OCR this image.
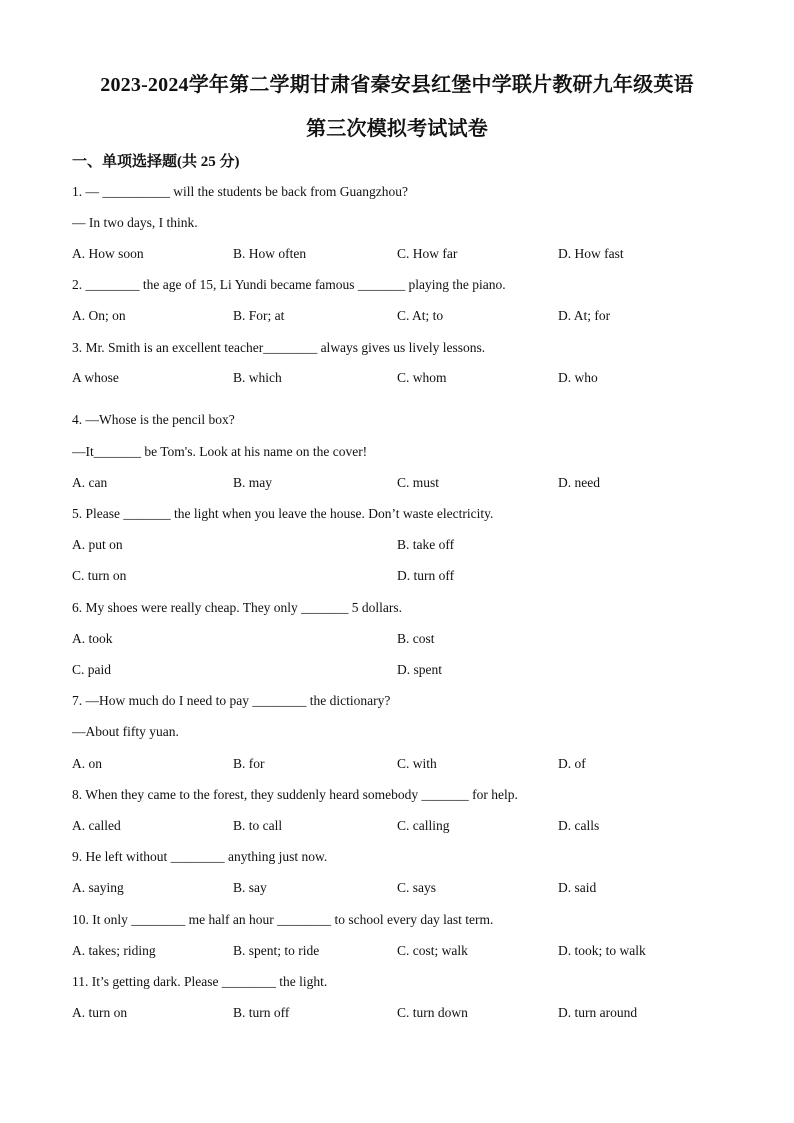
2023-2024学年第二学期甘肃省秦安县红堡中学联片教研九年级英语
第三次模拟考试试卷
一、单项选择题(共 25 分)
1. — __________ will the students be back from Guangzhou?
— In two days, I think.
A. How soon	B. How often	C. How far	D. How fast
2. ________ the age of 15, Li Yundi became famous _______ playing the piano.
A. On; on	B. For; at	C. At; to	D. At; for
3. Mr. Smith is an excellent teacher________ always gives us lively lessons.
A whose	B. which	C. whom	D. who
4. —Whose is the pencil box?
—It_______ be Tom's. Look at his name on the cover!
A. can	B. may	C. must	D. need
5. Please _______ the light when you leave the house. Don’t waste electricity.
A. put on	B. take off
C. turn on	D. turn off
6. My shoes were really cheap. They only _______ 5 dollars.
A. took	B. cost
C. paid	D. spent
7. —How much do I need to pay ________ the dictionary?
—About fifty yuan.
A. on	B. for	C. with	D. of
8. When they came to the forest, they suddenly heard somebody _______ for help.
A. called	B. to call	C. calling	D. calls
9. He left without ________ anything just now.
A. saying	B. say	C. says	D. said
10. It only ________ me half an hour ________ to school every day last term.
A. takes; riding	B. spent; to ride	C. cost; walk	D. took; to walk
11. It’s getting dark. Please ________ the light.
A. turn on	B. turn off	C. turn down	D. turn around
